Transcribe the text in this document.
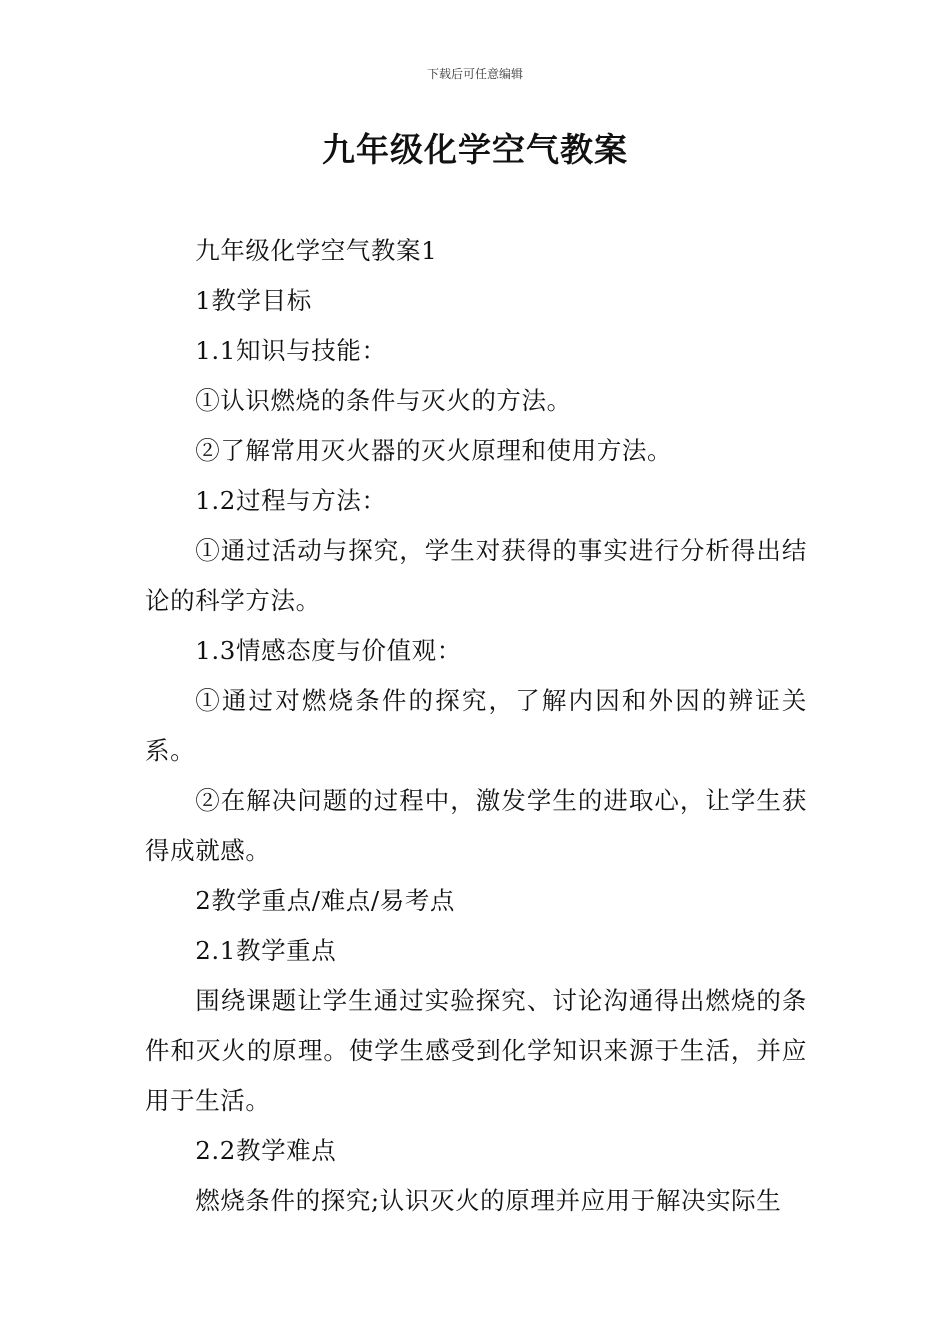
下载后可任意编辑
九年级化学空气教案

九年级化学空气教案1

1教学目标

1.1知识与技能：

①认识燃烧的条件与灭火的方法。

②了解常用灭火器的灭火原理和使用方法。

1.2过程与方法：

①通过活动与探究，学生对获得的事实进行分析得出结论的科学方法。

1.3情感态度与价值观：

①通过对燃烧条件的探究，了解内因和外因的辨证关系。

②在解决问题的过程中，激发学生的进取心，让学生获得成就感。

2教学重点/难点/易考点

2.1教学重点

围绕课题让学生通过实验探究、讨论沟通得出燃烧的条件和灭火的原理。使学生感受到化学知识来源于生活，并应用于生活。

2.2教学难点

燃烧条件的探究;认识灭火的原理并应用于解决实际生
